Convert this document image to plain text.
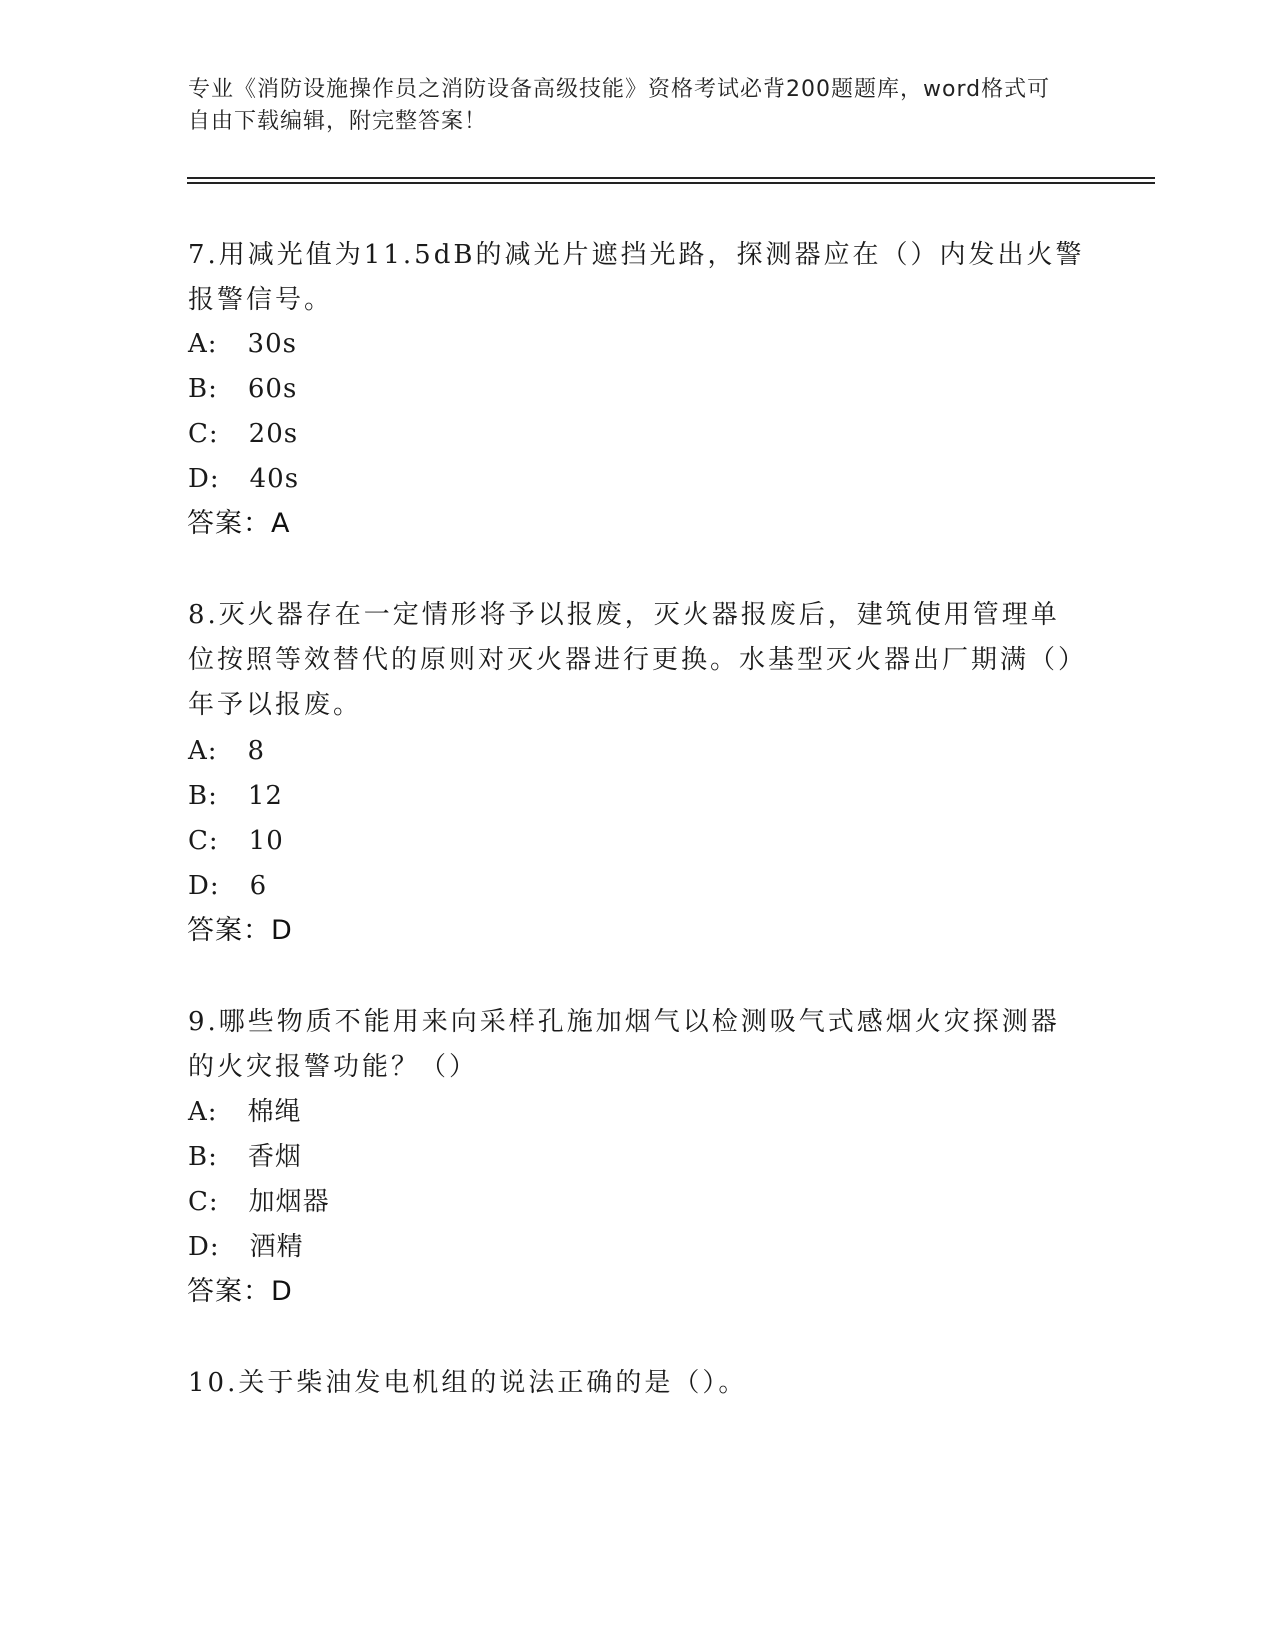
专业《消防设施操作员之消防设备高级技能》资格考试必背200题题库，word格式可自由下载编辑，附完整答案！
7.用减光值为11.5dB的减光片遮挡光路，探测器应在（）内发出火警报警信号。
A: 30s
B: 60s
C: 20s
D: 40s
答案：A
8.灭火器存在一定情形将予以报废，灭火器报废后，建筑使用管理单位按照等效替代的原则对灭火器进行更换。水基型灭火器出厂期满（）年予以报废。
A: 8
B: 12
C: 10
D: 6
答案：D
9.哪些物质不能用来向采样孔施加烟气以检测吸气式感烟火灾探测器的火灾报警功能？（）
A: 棉绳
B: 香烟
C: 加烟器
D: 酒精
答案：D
10.关于柴油发电机组的说法正确的是（）。
